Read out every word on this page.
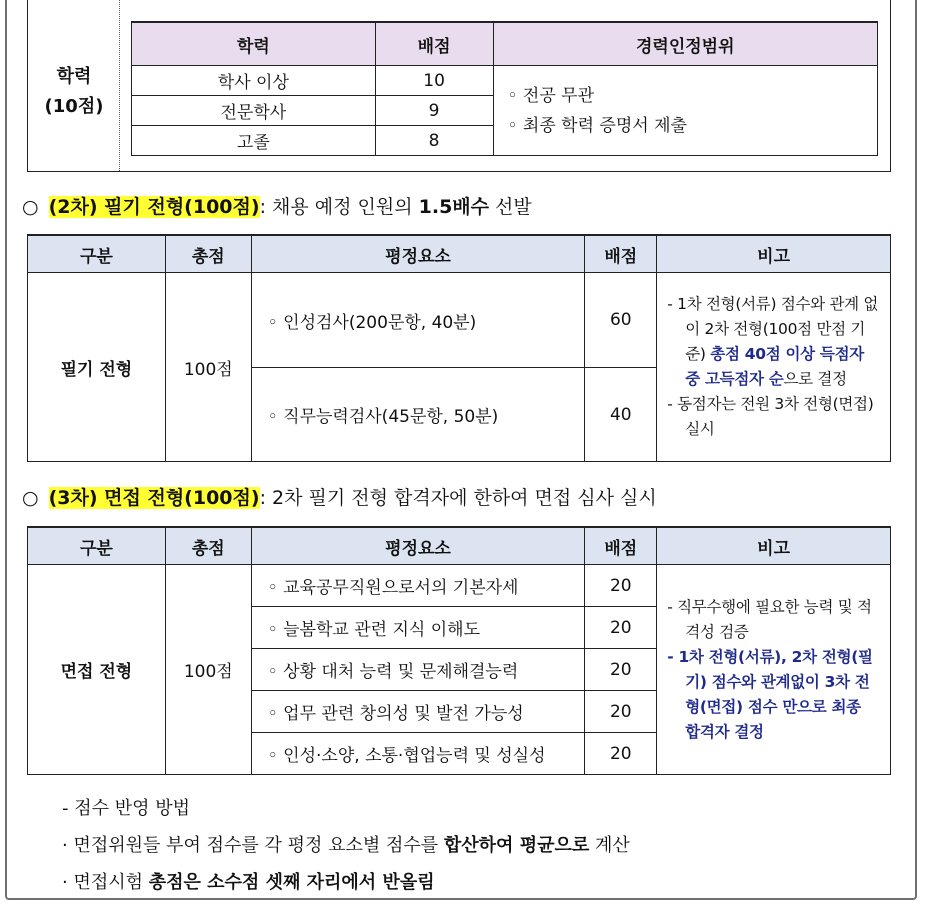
학력
(10점)
학력	배점	경력인정범위
학사 이상	10	◦ 전공 무관
◦ 최종 학력 증명서 제출

전문학사	9	
고졸	8	
○ (2차) 필기 전형(100점): 채용 예정 인원의 1.5배수 선발
구분	총점	평정요소	배점	비고
필기 전형	100점	◦ 인성검사(200문항, 40분)	60	- 1차 전형(서류) 점수와 관계 없이 2차 전형(100점 만점 기준) 총점 40점 이상 득점자 중 고득점자 순으로 결정

- 동점자는 전원 3차 전형(면접) 실시

		◦ 직무능력검사(45문항, 50분)	40	
○ (3차) 면접 전형(100점): 2차 필기 전형 합격자에 한하여 면접 심사 실시
구분	총점	평정요소	배점	비고
면접 전형	100점	◦ 교육공무직원으로서의 기본자세	20	- 직무수행에 필요한 능력 및 적격성 검증

- 1차 전형(서류), 2차 전형(필기) 점수와 관계없이 3차 전형(면접) 점수 만으로 최종 합격자 결정

		◦ 늘봄학교 관련 지식 이해도	20	
		◦ 상황 대처 능력 및 문제해결능력	20	
		◦ 업무 관련 창의성 및 발전 가능성	20	
		◦ 인성·소양, 소통·협업능력 및 성실성	20	
- 점수 반영 방법
· 면접위원들 부여 점수를 각 평정 요소별 점수를 합산하여 평균으로 계산
· 면접시험 총점은 소수점 셋째 자리에서 반올림
